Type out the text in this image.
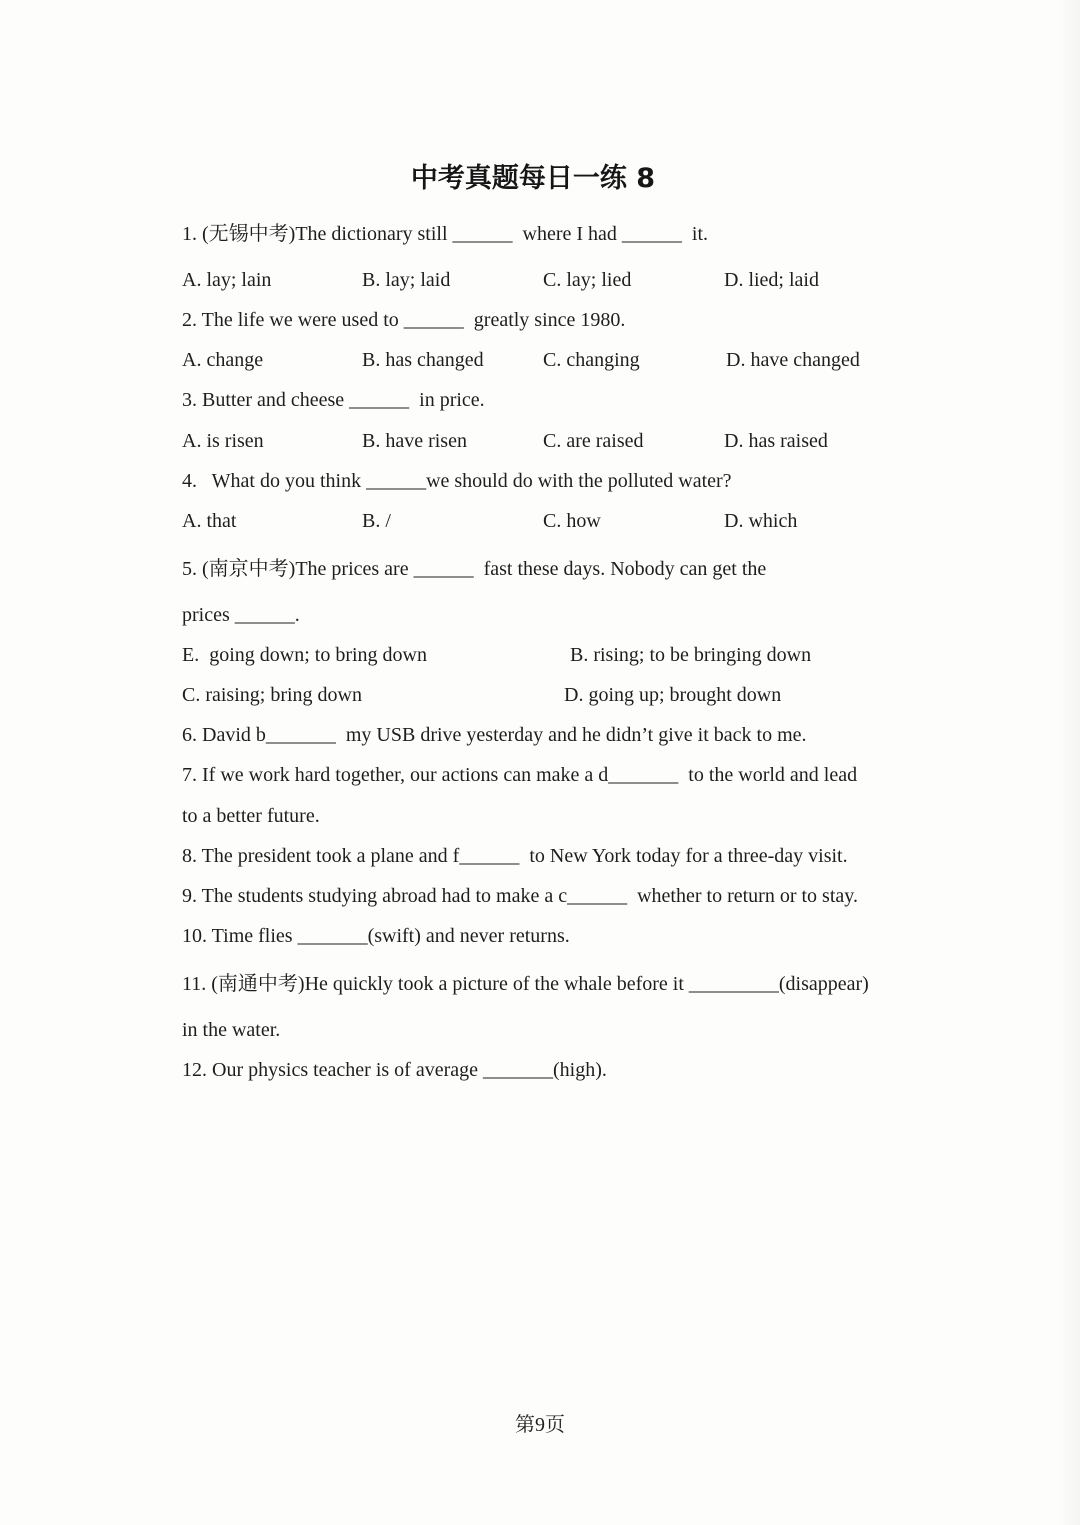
中考真题每日一练 8
1. (无锡中考)The dictionary still ______  where I had ______  it.
A. lay; lain	B. lay; laid	C. lay; lied	D. lied; laid
2. The life we were used to ______  greatly since 1980.
A. change	B. has changed	C. changing	D. have changed
3. Butter and cheese ______  in price.
A. is risen	B. have risen	C. are raised	D. has raised
4.   What do you think ______we should do with the polluted water?
A. that	B. /	C. how	D. which
5. (南京中考)The prices are ______  fast these days. Nobody can get the
prices ______.
E.  going down; to bring down	B. rising; to be bringing down
C. raising; bring down	D. going up; brought down
6. David b_______  my USB drive yesterday and he didn’t give it back to me.
7. If we work hard together, our actions can make a d_______  to the world and lead
to a better future.
8. The president took a plane and f______  to New York today for a three-day visit.
9. The students studying abroad had to make a c______  whether to return or to stay.
10. Time flies _______(swift) and never returns.
11. (南通中考)He quickly took a picture of the whale before it _________(disappear)
in the water.
12. Our physics teacher is of average _______(high).
第9页
